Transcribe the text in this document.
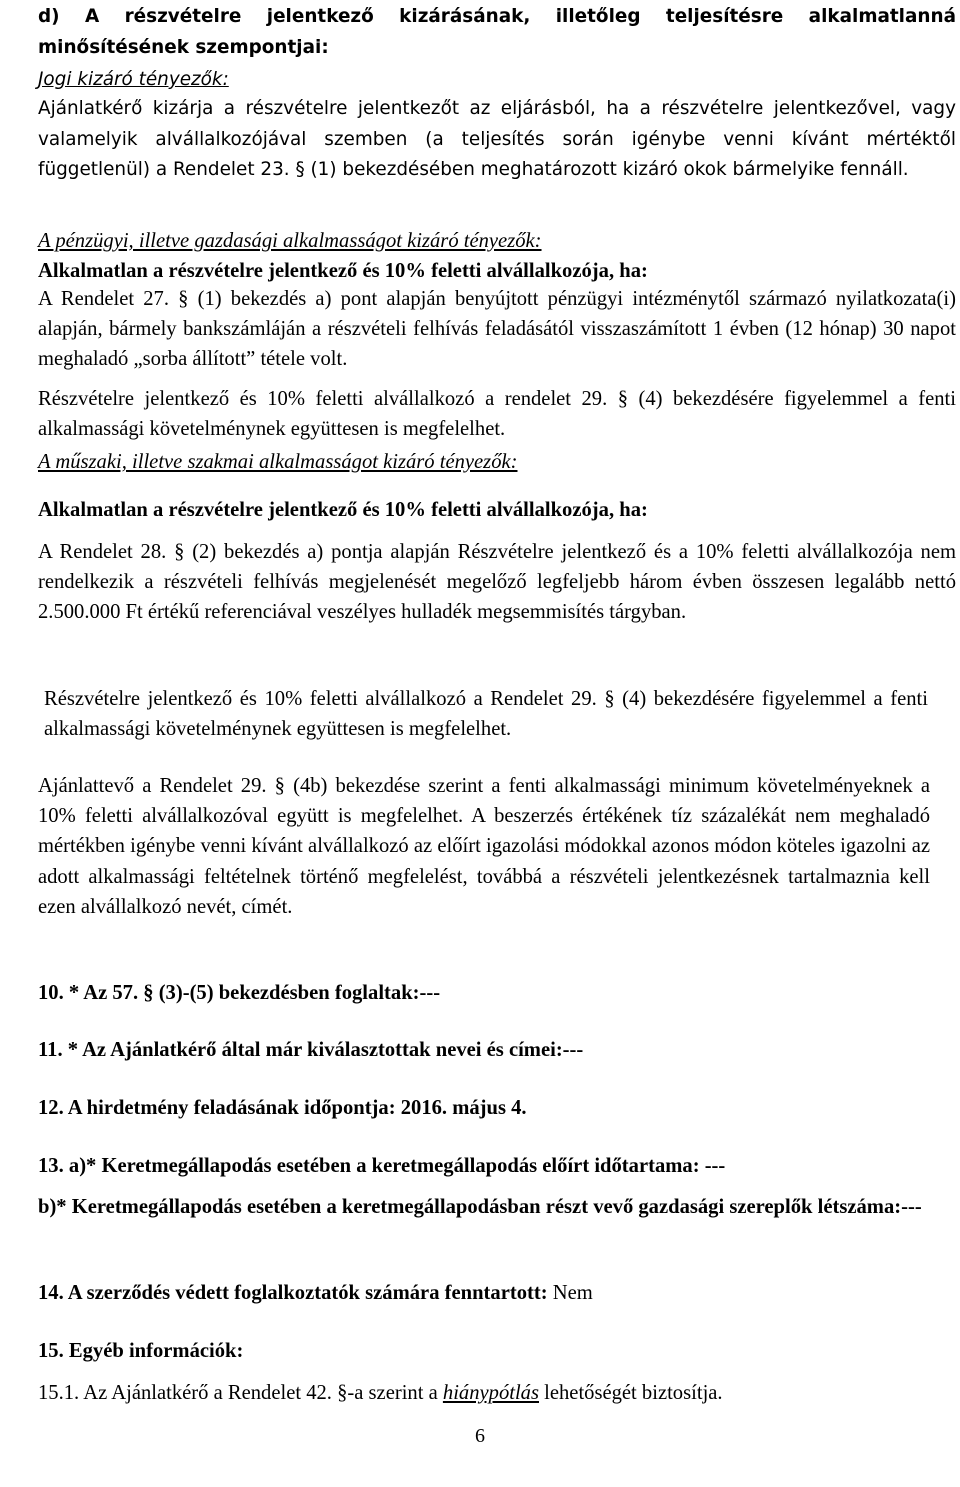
d) A részvételre jelentkező kizárásának, illetőleg teljesítésre alkalmatlanná minősítésének szempontjai:

Jogi kizáró tényezők:

Ajánlatkérő kizárja a részvételre jelentkezőt az eljárásból, ha a részvételre jelentkezővel, vagy valamelyik alvállalkozójával szemben (a teljesítés során igénybe venni kívánt mértéktől függetlenül) a Rendelet 23. § (1) bekezdésében meghatározott kizáró okok bármelyike fennáll.

A pénzügyi, illetve gazdasági alkalmasságot kizáró tényezők:

Alkalmatlan a részvételre jelentkező és 10% feletti alvállalkozója, ha:

A Rendelet 27. § (1) bekezdés a) pont alapján benyújtott pénzügyi intézménytől származó nyilatkozata(i) alapján, bármely bankszámláján a részvételi felhívás feladásától visszaszámított 1 évben (12 hónap) 30 napot meghaladó „sorba állított” tétele volt.

Részvételre jelentkező és 10% feletti alvállalkozó a rendelet 29. § (4) bekezdésére figyelemmel a fenti alkalmassági követelménynek együttesen is megfelelhet.

A műszaki, illetve szakmai alkalmasságot kizáró tényezők:

Alkalmatlan a részvételre jelentkező és 10% feletti alvállalkozója, ha:

A Rendelet 28. § (2) bekezdés a) pontja alapján Részvételre jelentkező és a 10% feletti alvállalkozója nem rendelkezik a részvételi felhívás megjelenését megelőző legfeljebb három évben összesen legalább nettó 2.500.000 Ft értékű referenciával veszélyes hulladék megsemmisítés tárgyban.

Részvételre jelentkező és 10% feletti alvállalkozó a Rendelet 29. § (4) bekezdésére figyelemmel a fenti alkalmassági követelménynek együttesen is megfelelhet.

Ajánlattevő a Rendelet 29. § (4b) bekezdése szerint a fenti alkalmassági minimum követelményeknek a 10% feletti alvállalkozóval együtt is megfelelhet. A beszerzés értékének tíz százalékát nem meghaladó mértékben igénybe venni kívánt alvállalkozó az előírt igazolási módokkal azonos módon köteles igazolni az adott alkalmassági feltételnek történő megfelelést, továbbá a részvételi jelentkezésnek tartalmaznia kell ezen alvállalkozó nevét, címét.

10. * Az 57. § (3)-(5) bekezdésben foglaltak:---

11. * Az Ajánlatkérő által már kiválasztottak nevei és címei:---

12. A hirdetmény feladásának időpontja: 2016. május 4.

13. a)* Keretmegállapodás esetében a keretmegállapodás előírt időtartama: ---

b)* Keretmegállapodás esetében a keretmegállapodásban részt vevő gazdasági szereplők létszáma:---

14. A szerződés védett foglalkoztatók számára fenntartott: Nem

15. Egyéb információk:

15.1. Az Ajánlatkérő a Rendelet 42. §-a szerint a hiánypótlás lehetőségét biztosítja.

6
